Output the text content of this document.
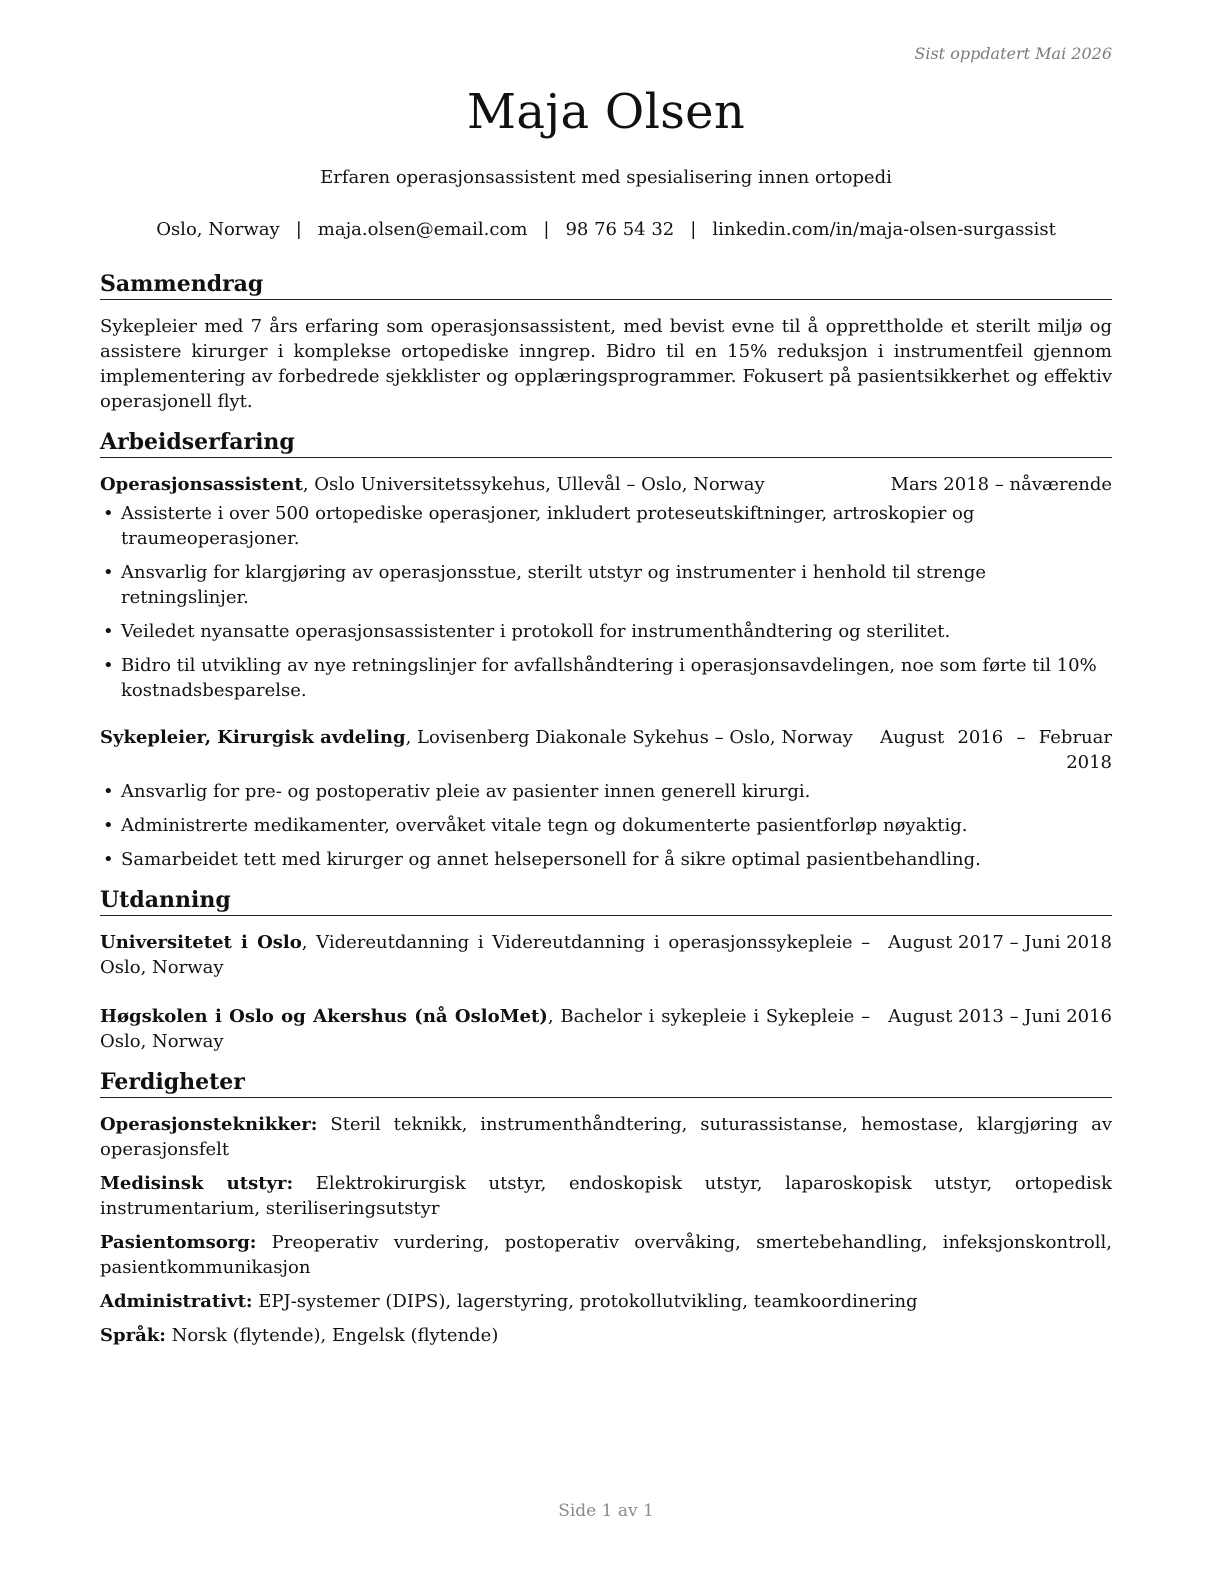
Sist oppdatert Mai 2026
Maja Olsen
Erfaren operasjonsassistent med spesialisering innen ortopedi
Oslo, Norway | maja.olsen@email.com | 98 76 54 32 | linkedin.com/in/maja-olsen-surgassist
Sammendrag
Sykepleier med 7 års erfaring som operasjonsassistent, med bevist evne til å opprettholde et sterilt miljø og assistere kirurger i komplekse ortopediske inngrep. Bidro til en 15% reduksjon i instrumentfeil gjennom implementering av forbedrede sjekklister og opplæringsprogrammer. Fokusert på pasientsikkerhet og effektiv operasjonell flyt.
Arbeidserfaring
Operasjonsassistent, Oslo Universitetssykehus, Ullevål – Oslo, Norway	Mars 2018 – nåværende
• Assisterte i over 500 ortopediske operasjoner, inkludert proteseutskiftninger, artroskopier og traumeoperasjoner.
• Ansvarlig for klargjøring av operasjonsstue, sterilt utstyr og instrumenter i henhold til strenge retningslinjer.
• Veiledet nyansatte operasjonsassistenter i protokoll for instrumenthåndtering og sterilitet.
• Bidro til utvikling av nye retningslinjer for avfallshåndtering i operasjonsavdelingen, noe som førte til 10% kostnadsbesparelse.
Sykepleier, Kirurgisk avdeling, Lovisenberg Diakonale Sykehus – Oslo, Norway	August 2016 – Februar 2018
• Ansvarlig for pre- og postoperativ pleie av pasienter innen generell kirurgi.
• Administrerte medikamenter, overvåket vitale tegn og dokumenterte pasientforløp nøyaktig.
• Samarbeidet tett med kirurger og annet helsepersonell for å sikre optimal pasientbehandling.
Utdanning
Universitetet i Oslo, Videreutdanning i Videreutdanning i operasjonssykepleie – Oslo, Norway
August 2017 – Juni 2018
Høgskolen i Oslo og Akershus (nå OsloMet), Bachelor i sykepleie i Sykepleie – Oslo, Norway
August 2013 – Juni 2016
Ferdigheter
Operasjonsteknikker: Steril teknikk, instrumenthåndtering, suturassistanse, hemostase, klargjøring av operasjonsfelt
Medisinsk utstyr: Elektrokirurgisk utstyr, endoskopisk utstyr, laparoskopisk utstyr, ortopedisk instrumentarium, steriliseringsutstyr
Pasientomsorg: Preoperativ vurdering, postoperativ overvåking, smertebehandling, infeksjonskontroll, pasientkommunikasjon
Administrativt: EPJ-systemer (DIPS), lagerstyring, protokollutvikling, teamkoordinering
Språk: Norsk (flytende), Engelsk (flytende)
Side 1 av 1
